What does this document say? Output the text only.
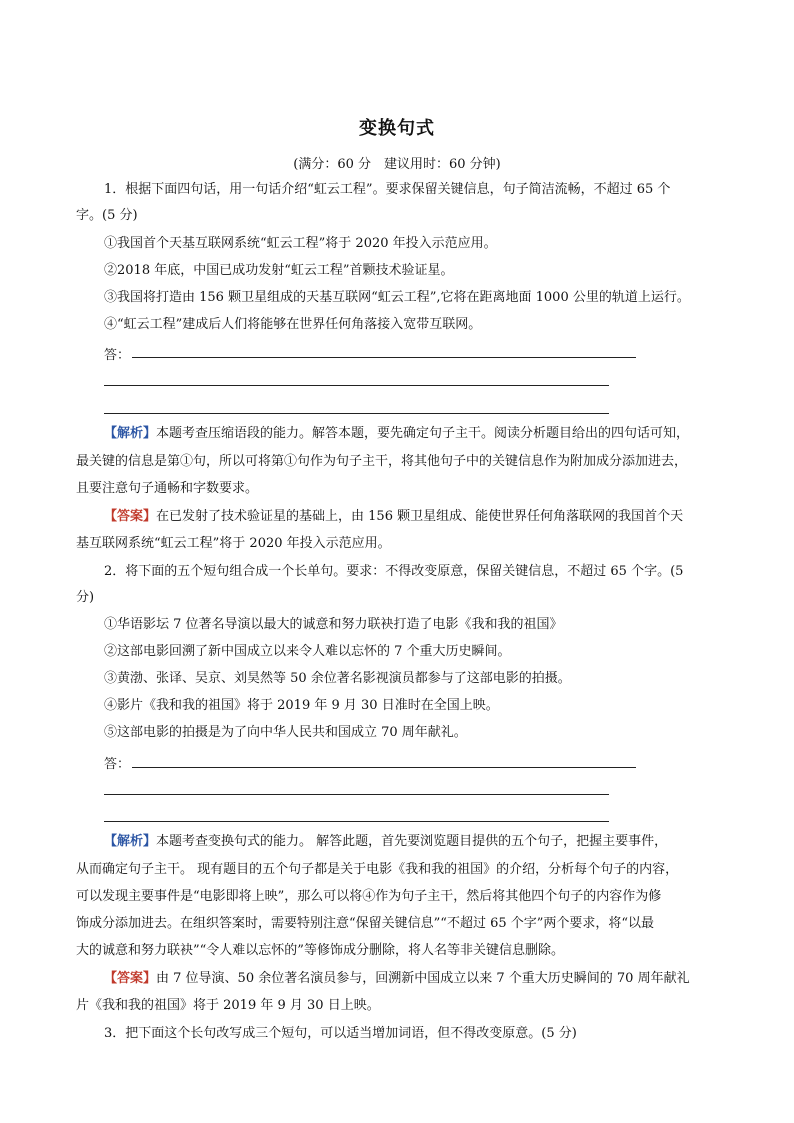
变换句式
(满分：60 分　建议用时：60 分钟)
1．根据下面四句话，用一句话介绍“虹云工程”。要求保留关键信息，句子简洁流畅，不超过 65 个
字。(5 分)
①我国首个天基互联网系统“虹云工程”将于 2020 年投入示范应用。
②2018 年底，中国已成功发射“虹云工程”首颗技术验证星。
③我国将打造由 156 颗卫星组成的天基互联网“虹云工程”,它将在距离地面 1000 公里的轨道上运行。
④“虹云工程”建成后人们将能够在世界任何角落接入宽带互联网。
答：
【解析】本题考查压缩语段的能力。解答本题，要先确定句子主干。阅读分析题目给出的四句话可知，
最关键的信息是第①句，所以可将第①句作为句子主干，将其他句子中的关键信息作为附加成分添加进去，
且要注意句子通畅和字数要求。
【答案】在已发射了技术验证星的基础上，由 156 颗卫星组成、能使世界任何角落联网的我国首个天
基互联网系统“虹云工程”将于 2020 年投入示范应用。
2．将下面的五个短句组合成一个长单句。要求：不得改变原意，保留关键信息，不超过 65 个字。(5
分)
①华语影坛 7 位著名导演以最大的诚意和努力联袂打造了电影《我和我的祖国》
②这部电影回溯了新中国成立以来令人难以忘怀的 7 个重大历史瞬间。
③黄渤、张译、吴京、刘昊然等 50 余位著名影视演员都参与了这部电影的拍摄。
④影片《我和我的祖国》将于 2019 年 9 月 30 日准时在全国上映。
⑤这部电影的拍摄是为了向中华人民共和国成立 70 周年献礼。
答：
【解析】本题考查变换句式的能力。 解答此题，首先要浏览题目提供的五个句子，把握主要事件，
从而确定句子主干。 现有题目的五个句子都是关于电影《我和我的祖国》的介绍，分析每个句子的内容，
可以发现主要事件是“电影即将上映”，那么可以将④作为句子主干，然后将其他四个句子的内容作为修
饰成分添加进去。在组织答案时，需要特别注意“保留关键信息”“不超过 65 个字”两个要求，将“以最
大的诚意和努力联袂”“令人难以忘怀的”等修饰成分删除，将人名等非关键信息删除。
【答案】由 7 位导演、50 余位著名演员参与，回溯新中国成立以来 7 个重大历史瞬间的 70 周年献礼
片《我和我的祖国》将于 2019 年 9 月 30 日上映。
3．把下面这个长句改写成三个短句，可以适当增加词语，但不得改变原意。(5 分)
